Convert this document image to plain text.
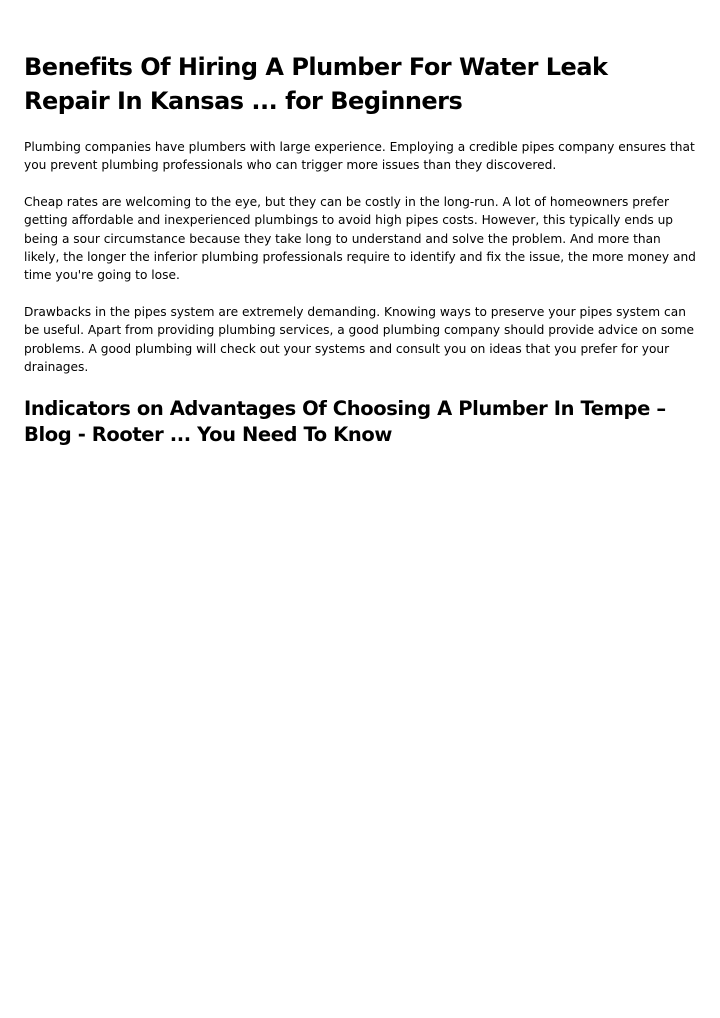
Benefits Of Hiring A Plumber For Water Leak Repair In Kansas ... for Beginners

Plumbing companies have plumbers with large experience. Employing a credible pipes company ensures that you prevent plumbing professionals who can trigger more issues than they discovered.

Cheap rates are welcoming to the eye, but they can be costly in the long-run. A lot of homeowners prefer getting affordable and inexperienced plumbings to avoid high pipes costs. However, this typically ends up being a sour circumstance because they take long to understand and solve the problem. And more than likely, the longer the inferior plumbing professionals require to identify and fix the issue, the more money and time you're going to lose.

Drawbacks in the pipes system are extremely demanding. Knowing ways to preserve your pipes system can be useful. Apart from providing plumbing services, a good plumbing company should provide advice on some problems. A good plumbing will check out your systems and consult you on ideas that you prefer for your drainages.

Indicators on Advantages Of Choosing A Plumber In Tempe – Blog - Rooter ... You Need To Know
